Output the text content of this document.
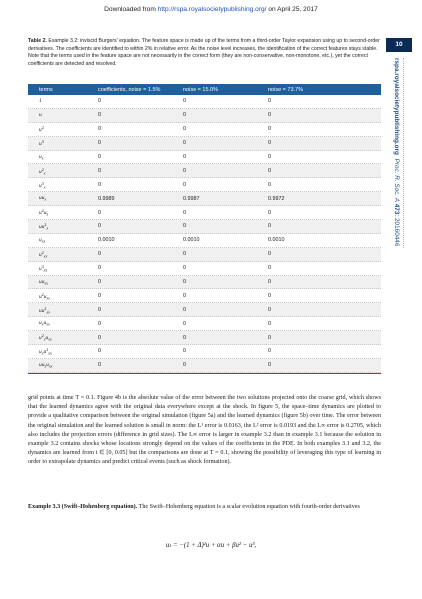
Downloaded from http://rspa.royalsocietypublishing.org/ on April 25, 2017
10
rspa.royalsocietypublishing.org  Proc. R. Soc. A 473: 20160446
Table 2. Example 3.2: inviscid Burgers' equation. The feature space is made up of the terms from a third-order Taylor expansion using up to second-order derivatives. The coefficients are identified to within 2% in relative error. As the noise level increases, the identification of the correct features stays stable. Note that the terms used in the feature space are not necessarily in the correct form (they are non-conservative, non-monotone, etc.), yet the correct coefficients are detected and resolved.
terms	coefficients, noise = 1.5%	noise = 15.0%	noise = 73.7%
1	0	0	0
u	0	0	0
$u^2$	0	0	0
$u^3$	0	0	0
$u_x$	0	0	0
$u^2_x$	0	0	0
$u^3_x$	0	0	0
$uu_x$	0.9989	0.9987	0.9972
$u^2u_x$	0	0	0
$uu^2_x$	0	0	0
$u_{xx}$	0.0010	0.0010	0.0010
$u^2_{xx}$	0	0	0
$u^3_{xx}$	0	0	0
$uu_{xx}$	0	0	0
$u^2u_{xx}$	0	0	0
$uu^2_{xx}$	0	0	0
$u_xu_{xx}$	0	0	0
$u^2_xu_{xx}$	0	0	0
$u_xu^2_{xx}$	0	0	0
$uu_xu_{xx}$	0	0	0

grid points at time T = 0.1. Figure 4b is the absolute value of the error between the two solutions projected onto the coarse grid, which shows that the learned dynamics agree with the original data everywhere except at the shock. In figure 5, the space–time dynamics are plotted to provide a qualitative comparison between the original simulation (figure 5a) and the learned dynamics (figure 5b) over time. The error between the original simulation and the learned solution is small in norm: the L¹ error is 0.0163, the L² error is 0.0193 and the L∞ error is 0.2705, which also includes the projection errors (difference in grid sizes). The L∞ error is larger in example 3.2 than in example 3.1 because the solution in example 3.2 contains shocks whose locations strongly depend on the values of the coefficients in the PDE. In both examples 3.1 and 3.2, the dynamics are learned from t ∈ [0, 0.05] but the comparisons are done at T = 0.1, showing the possibility of leveraging this type of learning in order to extrapolate dynamics and predict critical events (such as shock formation).

Example 3.3 (Swift–Hohenberg equation). The Swift–Hohenberg equation is a scalar evolution equation with fourth-order derivatives
uₜ = −(1 + Δ)²u + αu + βu² − u³,
